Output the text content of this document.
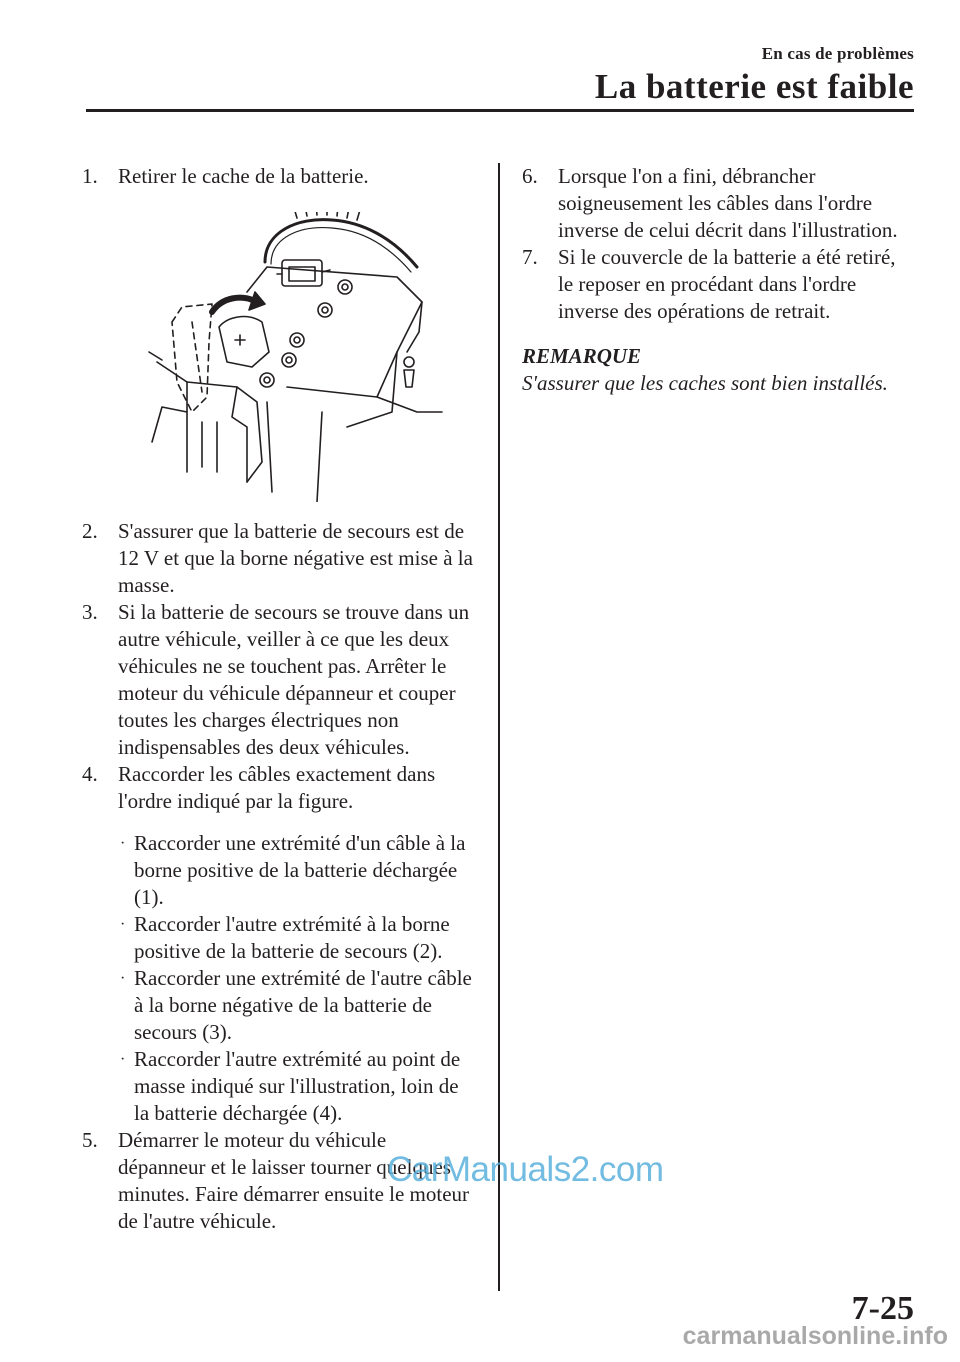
En cas de problèmes
La batterie est faible

1. Retirer le cache de la batterie.

2. S'assurer que la batterie de secours est de 12 V et que la borne négative est mise à la masse.

3. Si la batterie de secours se trouve dans un autre véhicule, veiller à ce que les deux véhicules ne se touchent pas. Arrêter le moteur du véhicule dépanneur et couper toutes les charges électriques non indispensables des deux véhicules.

4. Raccorder les câbles exactement dans l'ordre indiqué par la figure.

· Raccorder une extrémité d'un câble à la borne positive de la batterie déchargée (1).

· Raccorder l'autre extrémité à la borne positive de la batterie de secours (2).

· Raccorder une extrémité de l'autre câble à la borne négative de la batterie de secours (3).

· Raccorder l'autre extrémité au point de masse indiqué sur l'illustration, loin de la batterie déchargée (4).

5. Démarrer le moteur du véhicule dépanneur et le laisser tourner quelques minutes. Faire démarrer ensuite le moteur de l'autre véhicule.

6. Lorsque l'on a fini, débrancher soigneusement les câbles dans l'ordre inverse de celui décrit dans l'illustration.

7. Si le couvercle de la batterie a été retiré, le reposer en procédant dans l'ordre inverse des opérations de retrait.

REMARQUE
S'assurer que les caches sont bien installés.
CarManuals2.com
7-25
carmanualsonline.info
